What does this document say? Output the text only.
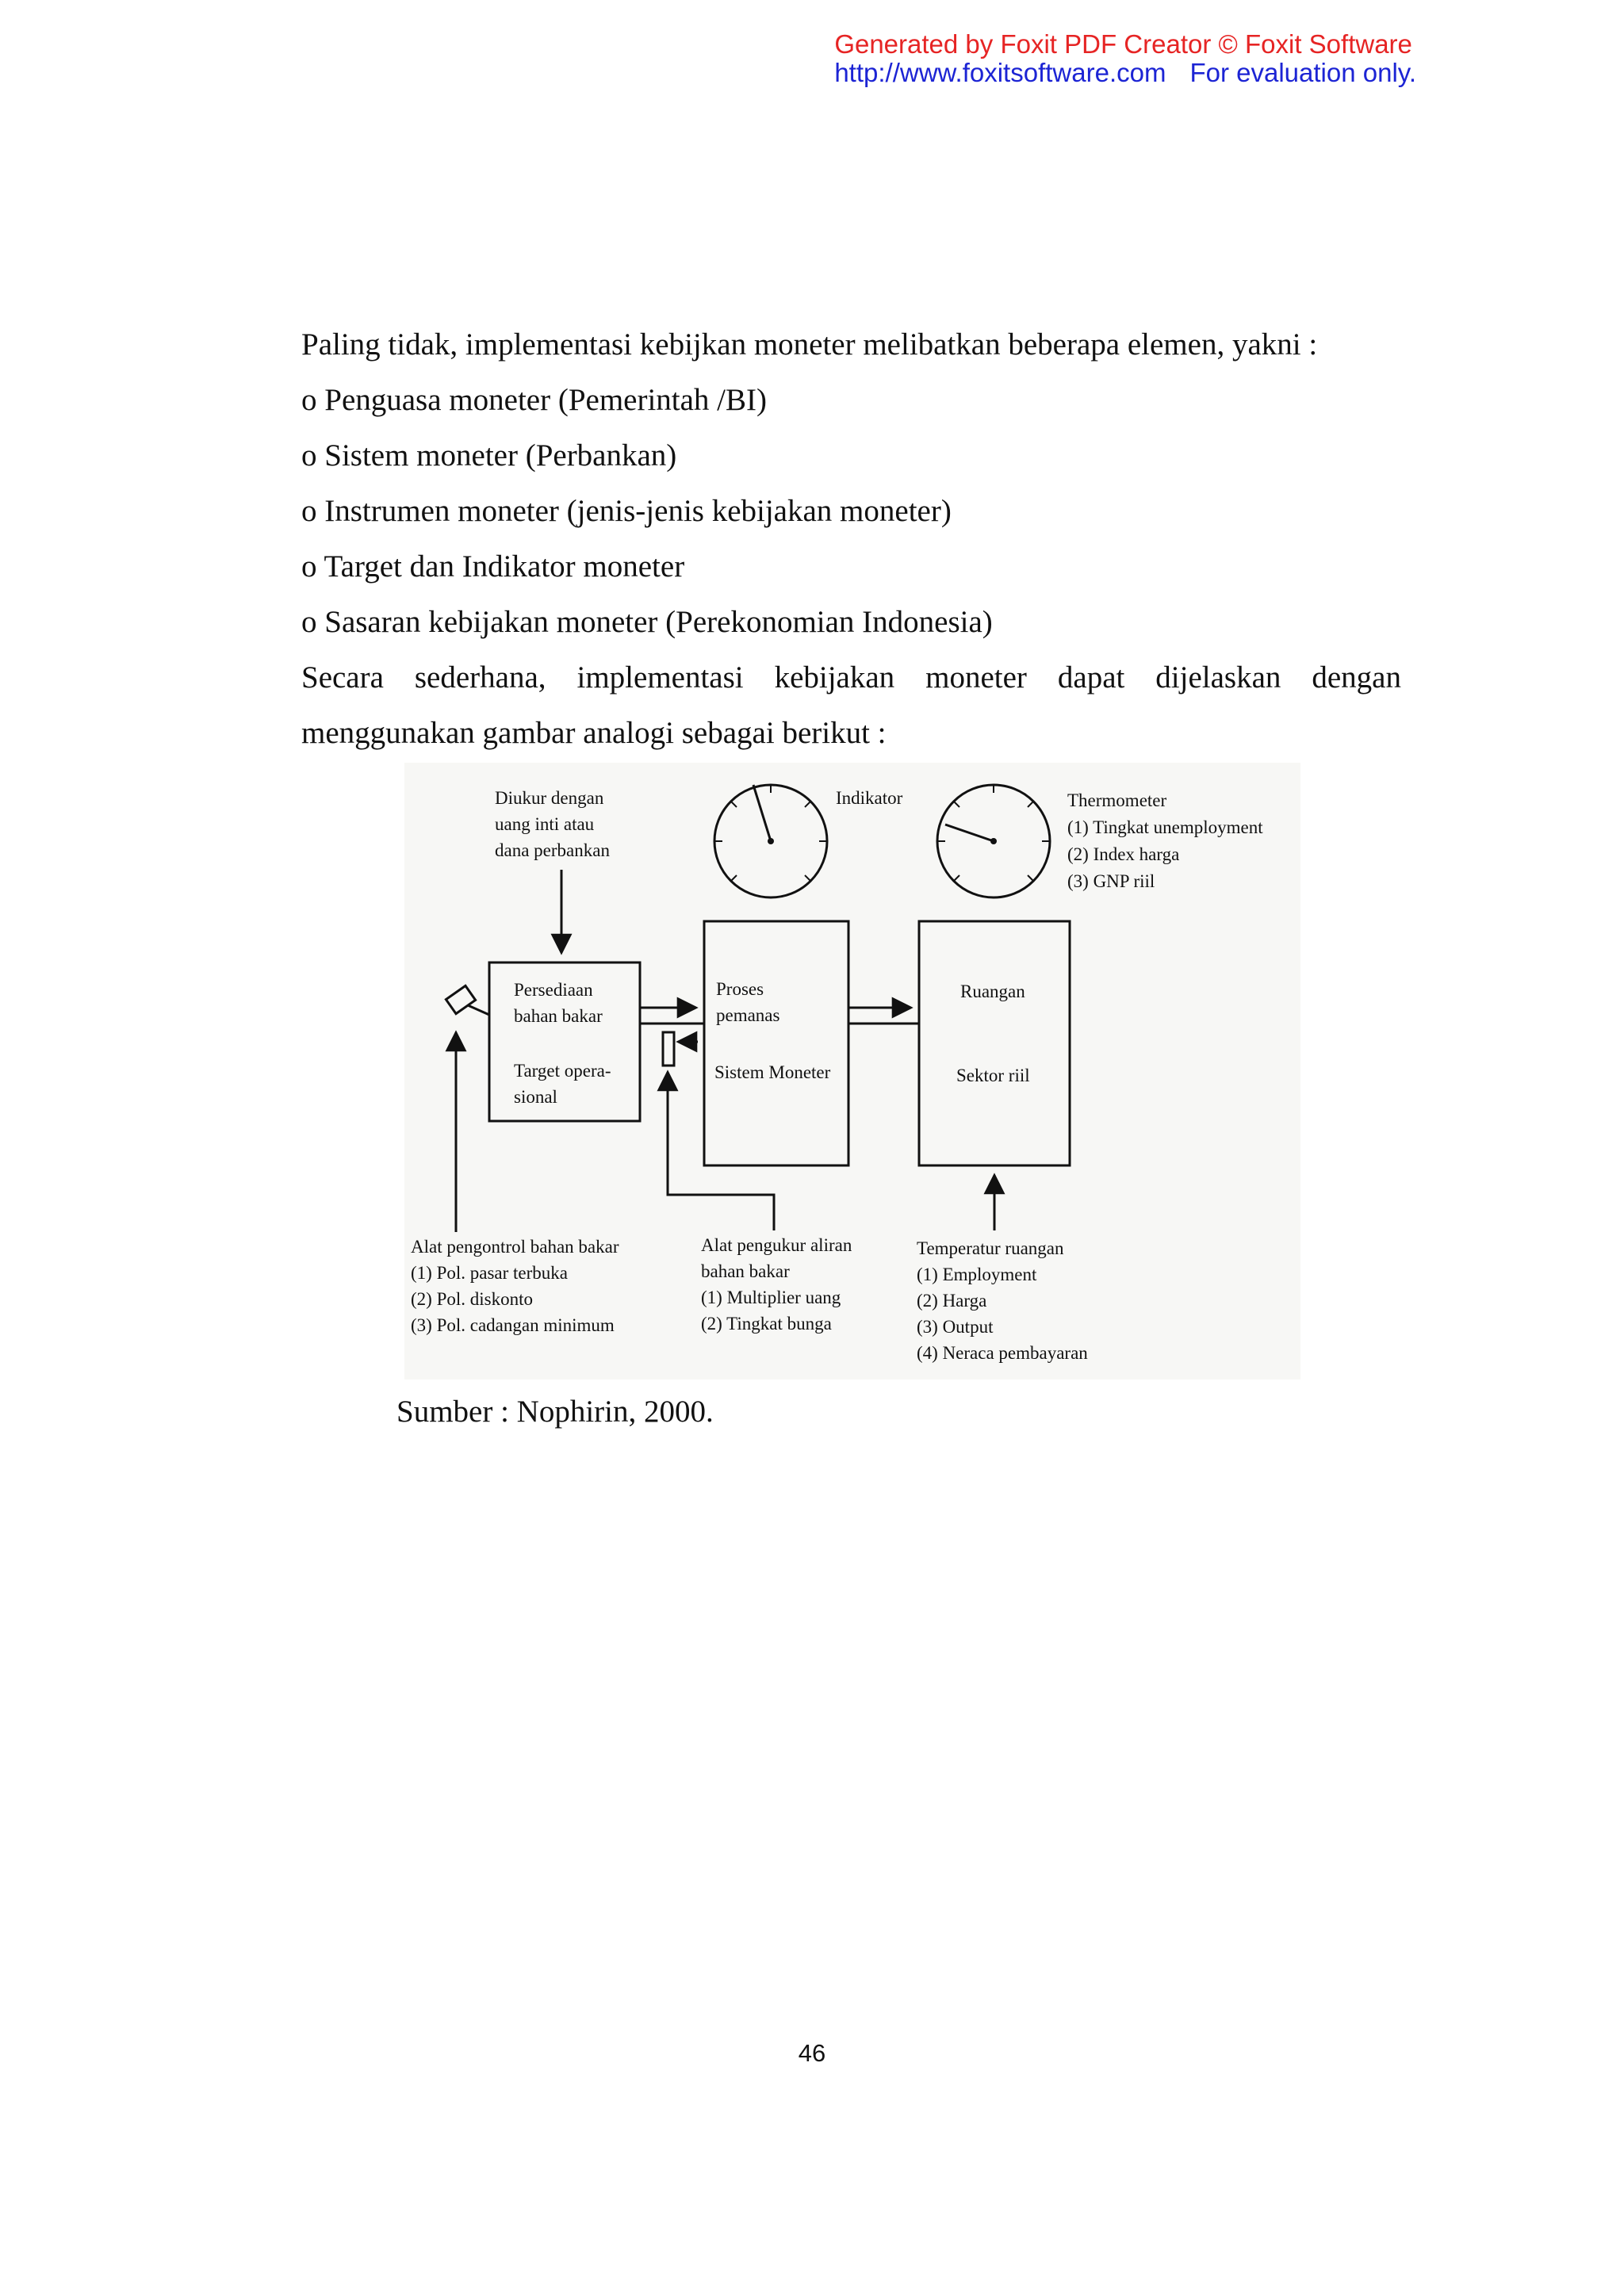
Generated by Foxit PDF Creator © Foxit Software
http://www.foxitsoftware.com For evaluation only.

Paling tidak, implementasi kebijkan moneter melibatkan beberapa elemen, yakni :

o Penguasa moneter (Pemerintah /BI)

o Sistem moneter (Perbankan)

o Instrumen moneter (jenis-jenis kebijakan moneter)

o Target dan Indikator moneter

o Sasaran kebijakan moneter (Perekonomian Indonesia)

Secara sederhana, implementasi kebijakan moneter dapat dijelaskan dengan

menggunakan gambar analogi sebagai berikut :

Diukur dengan
uang inti atau
dana perbankan
Indikator	Thermometer
(1) Tingkat unemployment
(2) Index harga
(3) GNP riil
Persediaan
bahan bakar
Target opera-
sional
Proses
pemanas
Sistem Moneter
Ruangan
Sektor riil
Alat pengontrol bahan bakar
(1) Pol. pasar terbuka
(2) Pol. diskonto
(3) Pol. cadangan minimum
Alat pengukur aliran
bahan bakar
(1) Multiplier uang
(2) Tingkat bunga
Temperatur ruangan
(1) Employment
(2) Harga
(3) Output
(4) Neraca pembayaran
Sumber : Nophirin, 2000.
46
